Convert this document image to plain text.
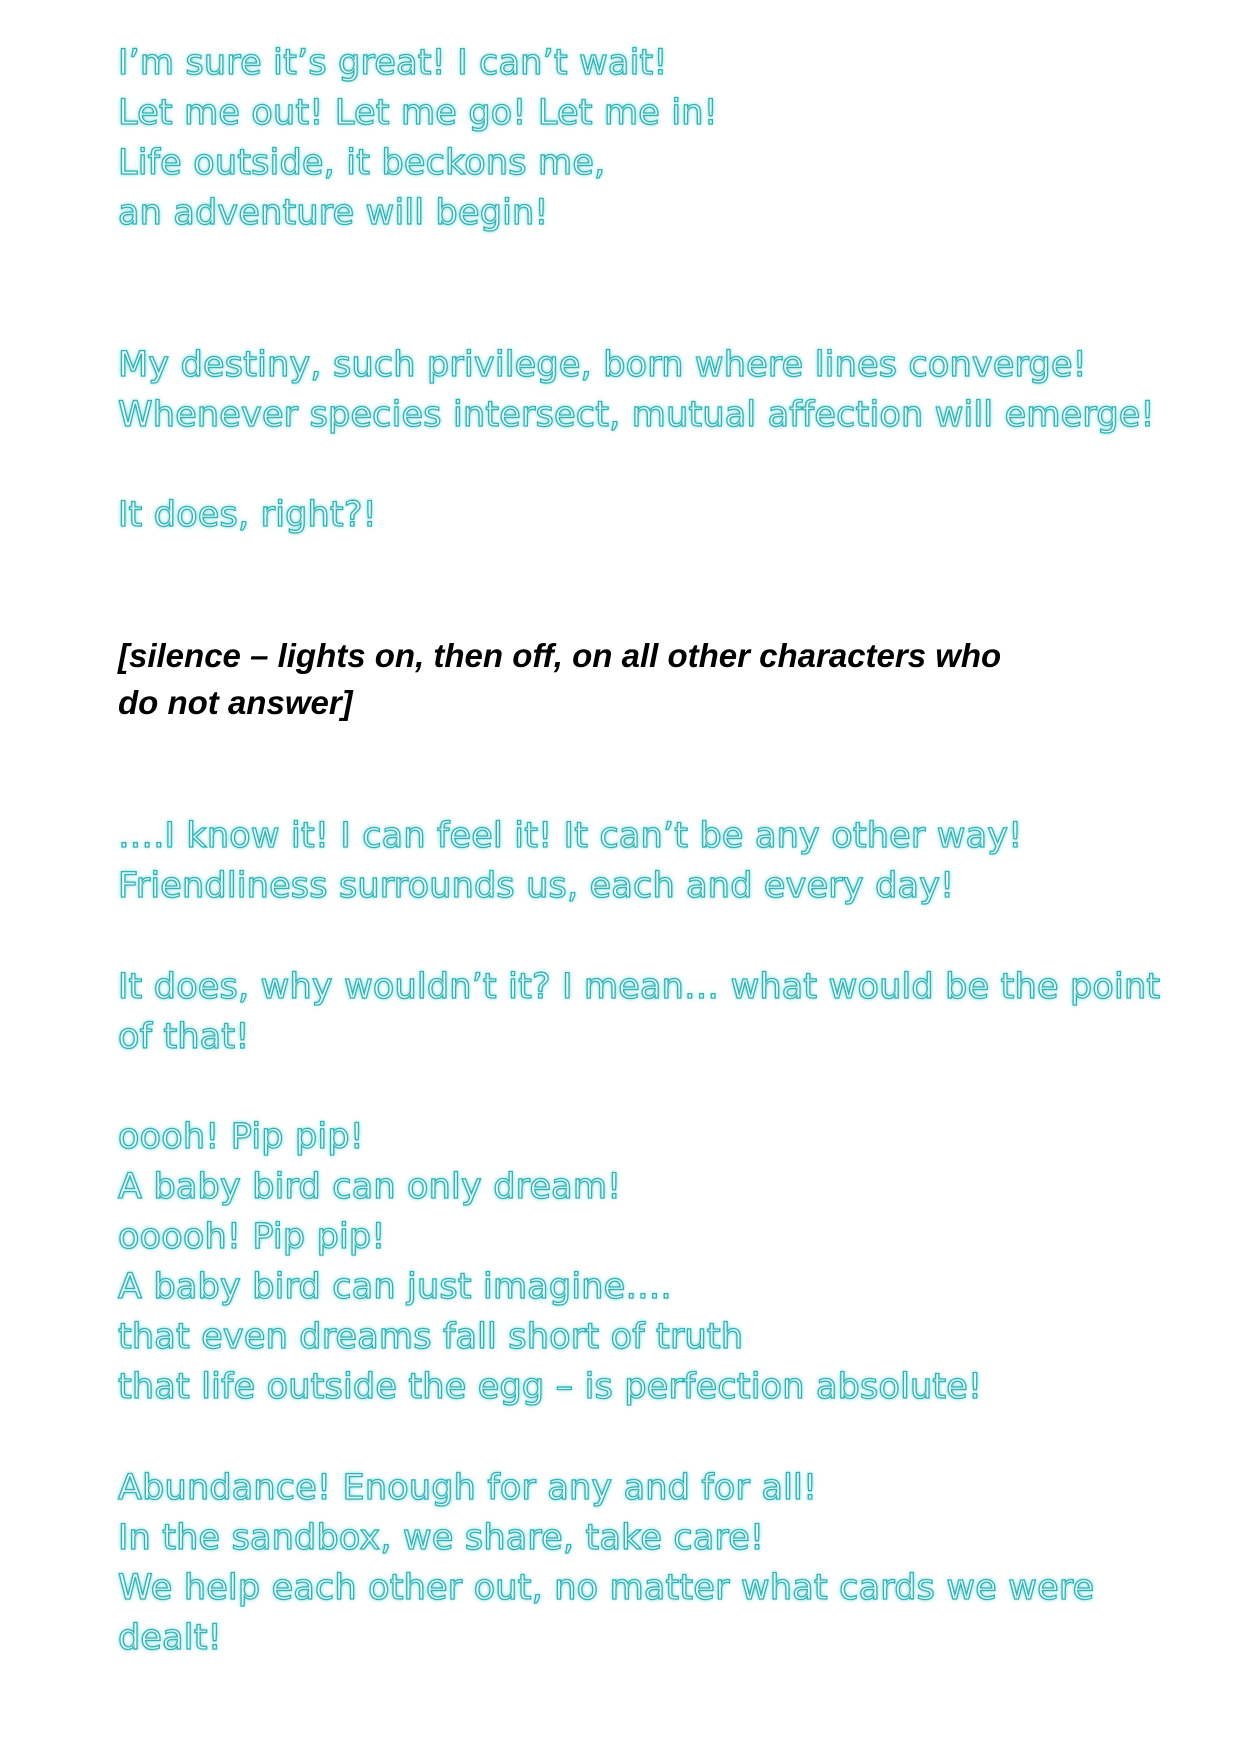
I’m sure it’s great! I can’t wait!
Let me out! Let me go! Let me in!
Life outside, it beckons me,
an adventure will begin!
My destiny, such privilege, born where lines converge!
Whenever species intersect, mutual affection will emerge!
It does, right?!
[silence – lights on, then off, on all other characters who
do not answer]
….I know it! I can feel it! It can’t be any other way!
Friendliness surrounds us, each and every day!
It does, why wouldn’t it? I mean… what would be the point
of that!
oooh! Pip pip!
A baby bird can only dream!
ooooh! Pip pip!
A baby bird can just imagine….
that even dreams fall short of truth
that life outside the egg – is perfection absolute!
Abundance! Enough for any and for all!
In the sandbox, we share, take care!
We help each other out, no matter what cards we were
dealt!
